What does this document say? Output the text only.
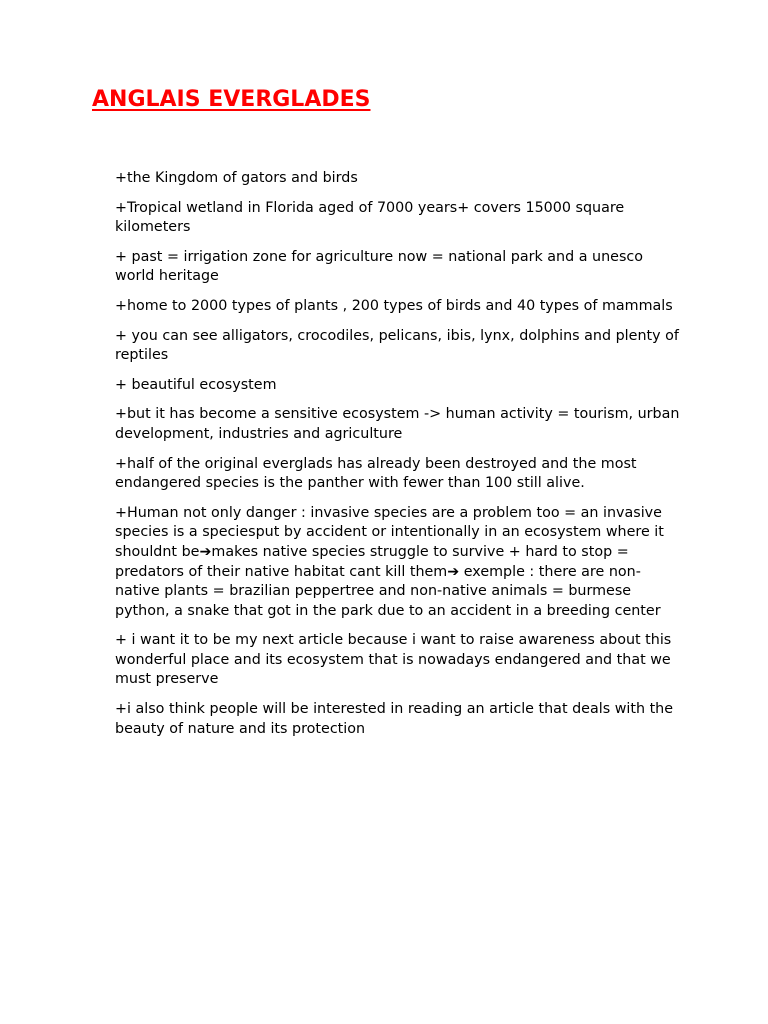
ANGLAIS EVERGLADES

+the Kingdom of gators and birds

+Tropical wetland in Florida aged of 7000 years+ covers 15000 square kilometers

+ past = irrigation zone for agriculture now = national park and a unesco world heritage

+home to 2000 types of plants , 200 types of birds and 40 types of mammals

+ you can see alligators, crocodiles, pelicans, ibis, lynx, dolphins and plenty of reptiles

+ beautiful ecosystem

+but it has become a sensitive ecosystem -> human activity = tourism, urban development, industries and agriculture

+half of the original everglads has already been destroyed and the most endangered species is the panther with fewer than 100 still alive.

+Human not only danger : invasive species are a problem too = an invasive species is a speciesput by accident or intentionally in an ecosystem where it shouldnt be➔makes native species struggle to survive + hard to stop = predators of their native habitat cant kill them➔ exemple : there are non-native plants = brazilian peppertree and non-native animals = burmese python, a snake that got in the park due to an accident in a breeding center

+ i want it to be my next article because i want to raise awareness about this wonderful place and its ecosystem that is nowadays endangered and that we must preserve

+i also think people will be interested in reading an article that deals with the beauty of nature and its protection
